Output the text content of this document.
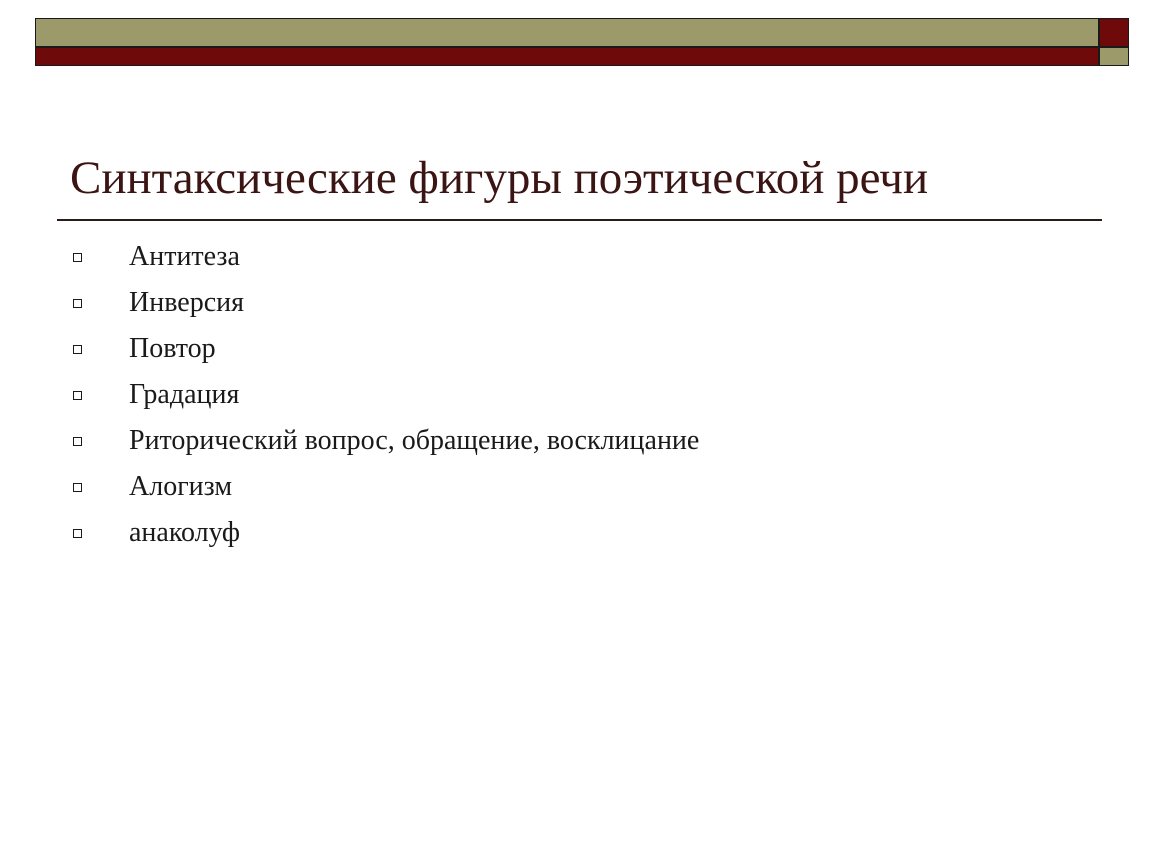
Синтаксические фигуры поэтической речи
Антитеза
Инверсия
Повтор
Градация
Риторический вопрос, обращение, восклицание
Алогизм
анаколуф
